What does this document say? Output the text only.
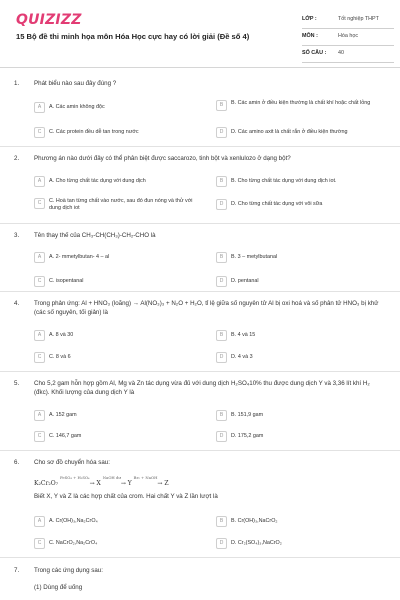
QUIZIZZ
15 Bộ đề thi minh họa môn Hóa Học cực hay có lời giải (Đề số 4)
LỚP :	Tốt nghiệp THPT
MÔN :	Hóa học
SỐ CÂU : 40
1. Phát biểu nào sau đây đúng ?
A	A. Các amin không độc	B	B. Các amin ở điều kiện thường là chất khí hoặc chất lỏng
C	C. Các protein đều dễ tan trong nước	D	D. Các amino axit là chất rắn ở điều kiện thường
2. Phương án nào dưới đây có thể phân biệt được saccarozo, tinh bột và xenlulozo ở dạng bột?
A	A. Cho từng chất tác dụng với dung dịch	B	B. Cho từng chất tác dụng với dung dịch iot.
C	C. Hoà tan từng chất vào nước, sau đó đun nóng và thử với dung dịch iot
D	D. Cho từng chất tác dụng với vôi sữa
3. Tên thay thế của CH₃-CH(CH₃)-CH₂-CHO là
A	A. 2- mmetylbutan- 4 – al	B	B. 3 – metylbutanal
C	C. isopentanal	D	D. pentanal
4. Trong phản ứng: Al + HNO₃ (loãng) → Al(NO₃)₃ + N₂O + H₂O, tỉ lệ giữa số nguyên tử Al bị oxi hoá và số phân tử HNO₃ bị khử (các số nguyên, tối giản) là
A	A. 8 và 30	B	B. 4 và 15
C	C. 8 và 6	D	D. 4 và 3
5. Cho 5,2 gam hỗn hợp gồm Al, Mg và Zn tác dụng vừa đủ với dung dịch H₂SO₄10% thu được dung dịch Y và 3,36 lít khí H₂ (đkc). Khối lượng của dung dịch Y là
A	A. 152 gam	B	B. 151,9 gam
C	C. 146,7 gam	D	D. 175,2 gam
6. Cho sơ đồ chuyển hóa sau:
K₂Cr₂O₇ $^{FeSO_4 + H_2SO_4}$→ X $^{NaOH dư}$→ Y $^{Br_2 + NaOH}$→ Z
Biết X, Y và Z là các hợp chất của crom. Hai chất Y và Z lần lượt là
A	A. Cr(OH)₃,Na₂CrO₄	B	B. Cr(OH)₃,NaCrO₂
C	C. NaCrO₂,Na₂CrO₄	D	D. Cr₂(SO₄)₃,NaCrO₂
7. Trong các ứng dụng sau:
(1) Dùng để uống
